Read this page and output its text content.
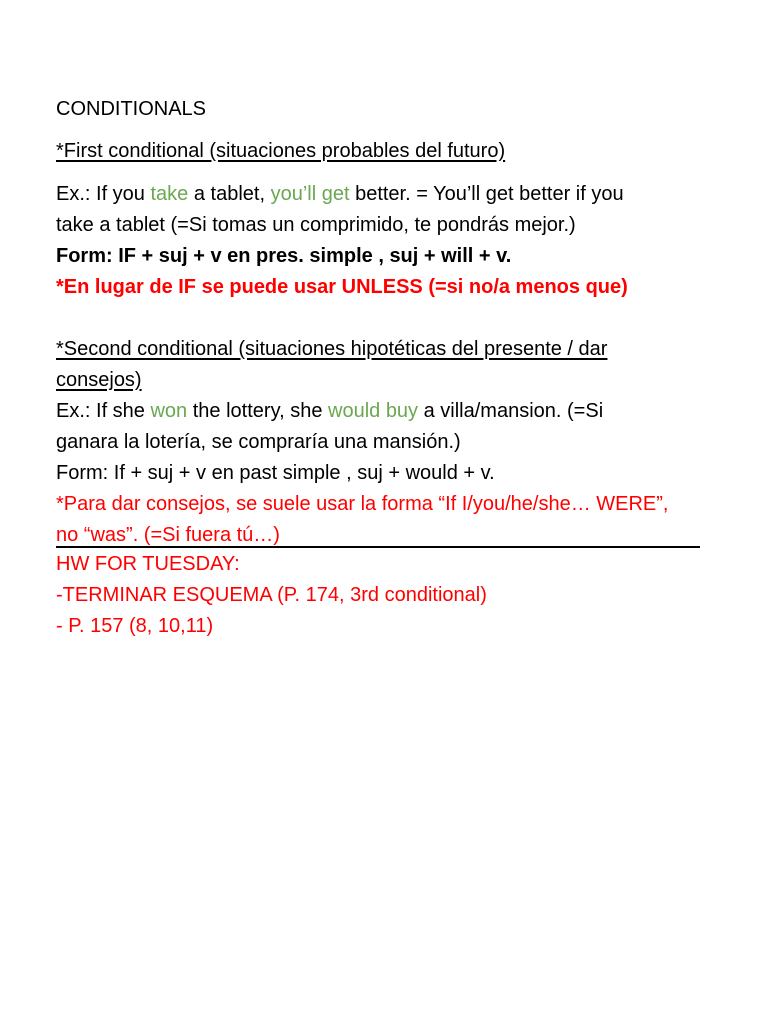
CONDITIONALS
*First conditional (situaciones probables del futuro)
Ex.: If you take a tablet, you’ll get better. = You’ll get better if you
take a tablet (=Si tomas un comprimido, te pondrás mejor.)
Form: IF + suj + v en pres. simple , suj + will + v.
*En lugar de IF se puede usar UNLESS (=si no/a menos que)
*Second conditional (situaciones hipotéticas del presente / dar
consejos)
Ex.: If she won the lottery, she would buy a villa/mansion. (=Si
ganara la lotería, se compraría una mansión.)
Form: If + suj + v en past simple , suj + would + v.
*Para dar consejos, se suele usar la forma “If I/you/he/she… WERE”,
no “was”. (=Si fuera tú…)
HW FOR TUESDAY:
-TERMINAR ESQUEMA (P. 174, 3rd conditional)
- P. 157 (8, 10,11)
